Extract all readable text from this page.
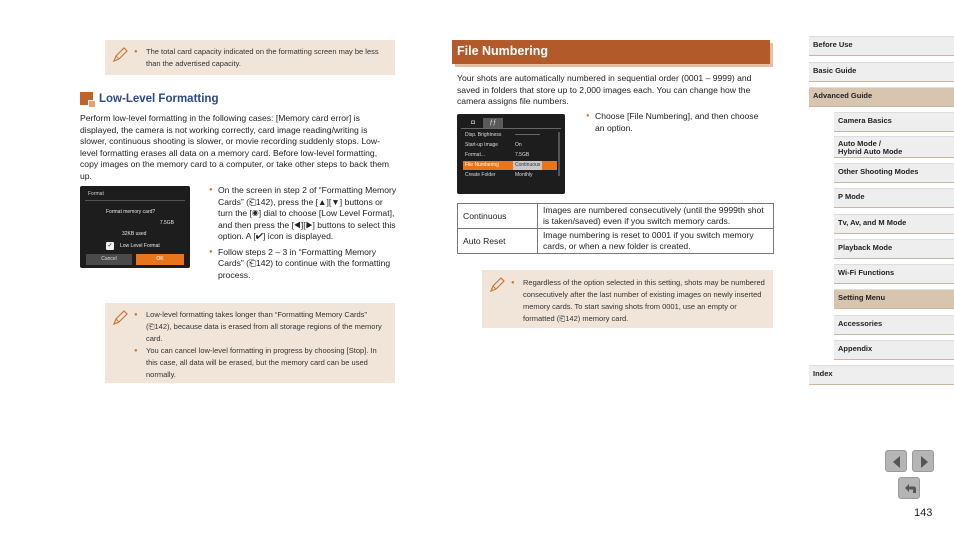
● The total card capacity indicated on the formatting screen may be less than the advertised capacity.
Low-Level Formatting
Perform low-level formatting in the following cases: [Memory card error] is displayed, the camera is not working correctly, card image reading/writing is slower, continuous shooting is slower, or movie recording suddenly stops. Low-level formatting erases all data on a memory card. Before low-level formatting, copy images on the memory card to a computer, or take other steps to back them up.
Format
Format memory card?
7.5GB
32KB used
✓ Low Level Format
Cancel	OK
● On the screen in step 2 of “Formatting Memory Cards” (⎗142), press the [▲][▼] buttons or turn the [◉] dial to choose [Low Level Format], and then press the [◀][▶] buttons to select this option. A [✔] icon is displayed.
● Follow steps 2 – 3 in “Formatting Memory Cards” (⎗142) to continue with the formatting process.
● Low-level formatting takes longer than “Formatting Memory Cards” (⎗142), because data is erased from all storage regions of the memory card.
● You can cancel low-level formatting in progress by choosing [Stop]. In this case, all data will be erased, but the memory card can be used normally.
File Numbering
Your shots are automatically numbered in sequential order (0001 – 9999) and saved in folders that store up to 2,000 images each. You can change how the camera assigns file numbers.
◘	ƒƒ
Disp. Brightness	—————
Start-up Image	On
Format...	7.5GB
File Numbering	Continuous
Create Folder	Monthly
● Choose [File Numbering], and then choose an option.
Continuous	Images are numbered consecutively (until the 9999th shot is taken/saved) even if you switch memory cards.
Auto Reset	Image numbering is reset to 0001 if you switch memory cards, or when a new folder is created.
● Regardless of the option selected in this setting, shots may be numbered consecutively after the last number of existing images on newly inserted memory cards. To start saving shots from 0001, use an empty or formatted (⎗142) memory card.
Before Use
Basic Guide
Advanced Guide
Camera Basics
Auto Mode /
Hybrid Auto Mode
Other Shooting Modes
P Mode
Tv, Av, and M Mode
Playback Mode
Wi-Fi Functions
Setting Menu
Accessories
Appendix
Index
143
